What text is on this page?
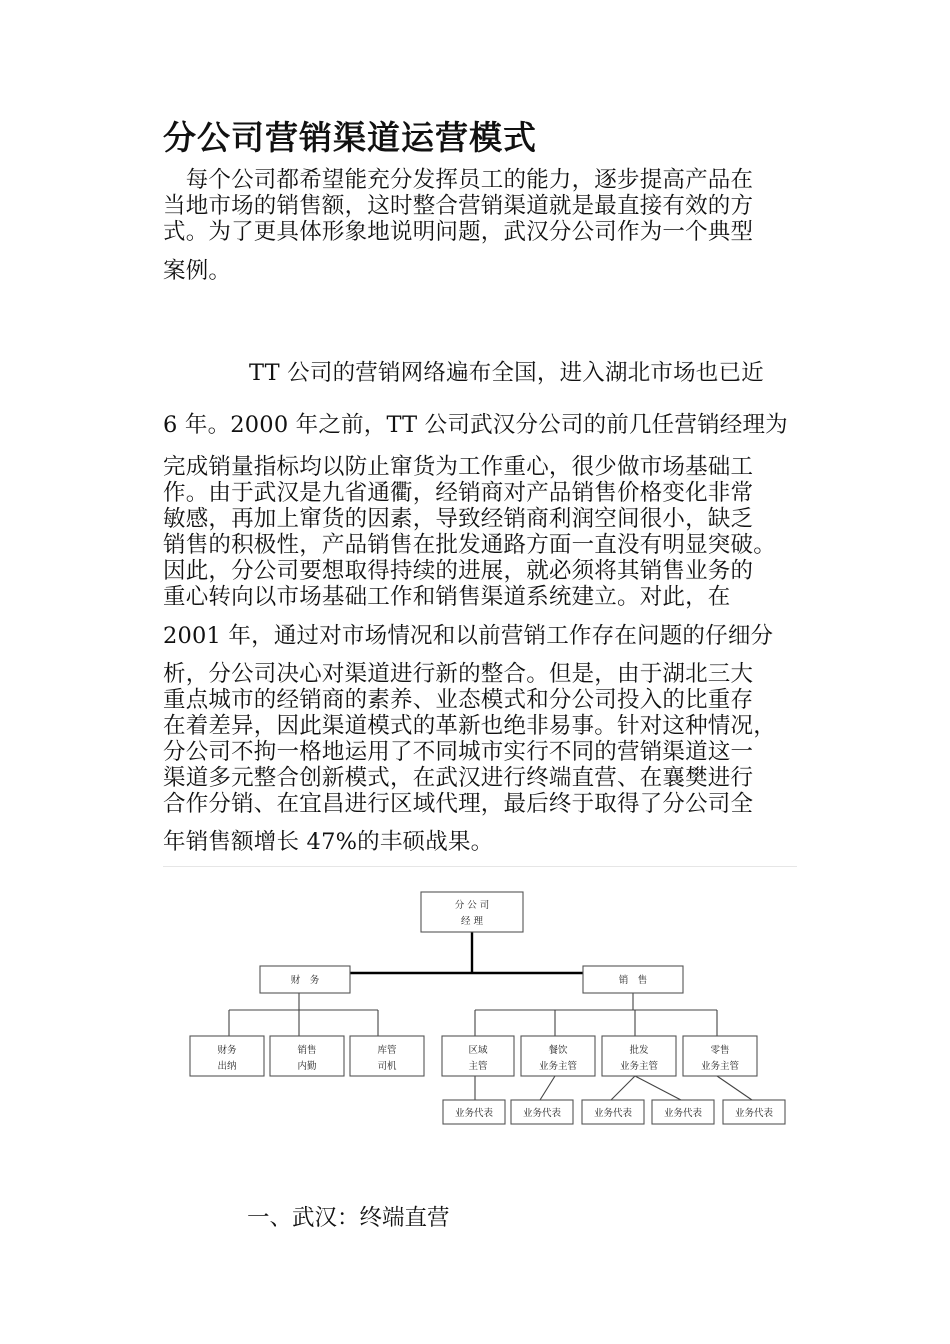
分公司营销渠道运营模式
　每个公司都希望能充分发挥员工的能力，逐步提高产品在
当地市场的销售额，这时整合营销渠道就是最直接有效的方
式。为了更具体形象地说明问题，武汉分公司作为一个典型
案例。
TT 公司的营销网络遍布全国，进入湖北市场也已近
6 年。2000 年之前，TT 公司武汉分公司的前几任营销经理为
完成销量指标均以防止窜货为工作重心，很少做市场基础工
作。由于武汉是九省通衢，经销商对产品销售价格变化非常
敏感，再加上窜货的因素，导致经销商利润空间很小，缺乏
销售的积极性，产品销售在批发通路方面一直没有明显突破。
因此，分公司要想取得持续的进展，就必须将其销售业务的
重心转向以市场基础工作和销售渠道系统建立。对此，在
2001 年，通过对市场情况和以前营销工作存在问题的仔细分
析，分公司决心对渠道进行新的整合。但是，由于湖北三大
重点城市的经销商的素养、业态模式和分公司投入的比重存
在着差异，因此渠道模式的革新也绝非易事。针对这种情况，
分公司不拘一格地运用了不同城市实行不同的营销渠道这一
渠道多元整合创新模式，在武汉进行终端直营、在襄樊进行
合作分销、在宜昌进行区域代理，最后终于取得了分公司全
年销售额增长 47%的丰硕战果。
分 公 司
经 理
财　务	销　售
财务
出纳
销售
内勤
库管
司机
区域
主管
餐饮
业务主管
批发
业务主管
零售
业务主管
业务代表	业务代表	业务代表	业务代表	业务代表
一、武汉：终端直营
